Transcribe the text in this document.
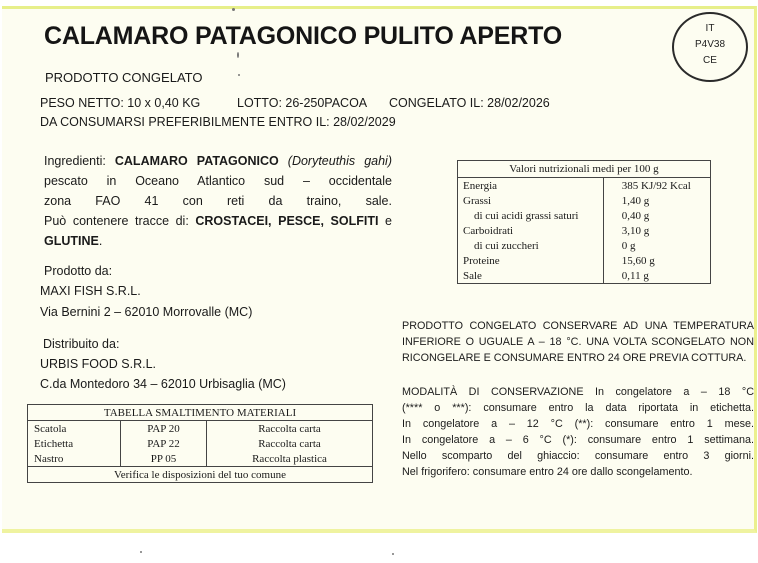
CALAMARO PATAGONICO PULITO APERTO	IT
P4V38
CE
PRODOTTO CONGELATO
PESO NETTO: 10 x 0,40 KG	LOTTO: 26-250PACOA CONGELATO IL: 28/02/2026
DA CONSUMARSI PREFERIBILMENTE ENTRO IL: 28/02/2029
Ingredienti: CALAMARO PATAGONICO (Doryteuthis gahi)
pescato in Oceano Atlantico sud – occidentale
zona FAO 41 con reti da traino, sale.
Può contenere tracce di: CROSTACEI, PESCE, SOLFITI e
GLUTINE.
Prodotto da:
MAXI FISH S.R.L.
Via Bernini 2 – 62010 Morrovalle (MC)
Distribuito da:
URBIS FOOD S.R.L.
C.da Montedoro 34 – 62010 Urbisaglia (MC)
Valori nutrizionali medi per 100 g	
Energia	385 KJ/92 Kcal
Grassi	1,40 g
di cui acidi grassi saturi	0,40 g
Carboidrati	3,10 g
di cui zuccheri	0 g
Proteine	15,60 g
Sale	0,11 g
PRODOTTO CONGELATO CONSERVARE AD UNA TEMPERATURA
INFERIORE O UGUALE A – 18 °C. UNA VOLTA SCONGELATO NON
RICONGELARE E CONSUMARE ENTRO 24 ORE PREVIA COTTURA.
MODALITÀ DI CONSERVAZIONE In congelatore a – 18 °C
(**** o ***): consumare entro la data riportata in etichetta.
In congelatore a – 12 °C (**): consumare entro 1 mese.
In congelatore a – 6 °C (*): consumare entro 1 settimana.
Nello scomparto del ghiaccio: consumare entro 3 giorni.
Nel frigorifero: consumare entro 24 ore dallo scongelamento.
TABELLA SMALTIMENTO MATERIALI		
Scatola	PAP 20	Raccolta carta
Etichetta	PAP 22	Raccolta carta
Nastro	PP 05	Raccolta plastica
Verifica le disposizioni del tuo comune		
